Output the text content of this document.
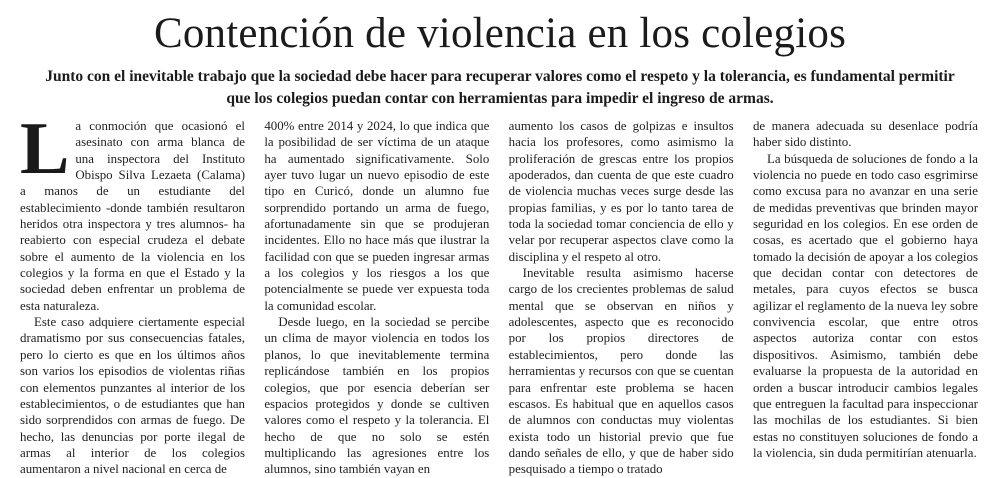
Contención de violencia en los colegios

Junto con el inevitable trabajo que la sociedad debe hacer para recuperar valores como el respeto y la tolerancia, es fundamental permitir que los colegios puedan contar con herramientas para impedir el ingreso de armas.

La conmoción que ocasionó el asesinato con arma blanca de una inspectora del Instituto Obispo Silva Lezaeta (Calama) a manos de un estudiante del establecimiento -donde también resultaron heridos otra inspectora y tres alumnos- ha reabierto con especial crudeza el debate sobre el aumento de la violencia en los colegios y la forma en que el Estado y la sociedad deben enfrentar un problema de esta naturaleza.

Este caso adquiere ciertamente especial dramatismo por sus consecuencias fatales, pero lo cierto es que en los últimos años son varios los episodios de violentas riñas con elementos punzantes al interior de los establecimientos, o de estudiantes que han sido sorprendidos con armas de fuego. De hecho, las denuncias por porte ilegal de armas al interior de los colegios aumentaron a nivel nacional en cerca de

400% entre 2014 y 2024, lo que indica que la posibilidad de ser víctima de un ataque ha aumentado significativamente. Solo ayer tuvo lugar un nuevo episodio de este tipo en Curicó, donde un alumno fue sorprendido portando un arma de fuego, afortunadamente sin que se produjeran incidentes. Ello no hace más que ilustrar la facilidad con que se pueden ingresar armas a los colegios y los riesgos a los que potencialmente se puede ver expuesta toda la comunidad escolar.

Desde luego, en la sociedad se percibe un clima de mayor violencia en todos los planos, lo que inevitablemente termina replicándose también en los propios colegios, que por esencia deberían ser espacios protegidos y donde se cultiven valores como el respeto y la tolerancia. El hecho de que no solo se estén multiplicando las agresiones entre los alumnos, sino también vayan en

aumento los casos de golpizas e insultos hacia los profesores, como asimismo la proliferación de grescas entre los propios apoderados, dan cuenta de que este cuadro de violencia muchas veces surge desde las propias familias, y es por lo tanto tarea de toda la sociedad tomar conciencia de ello y velar por recuperar aspectos clave como la disciplina y el respeto al otro.

Inevitable resulta asimismo hacerse cargo de los crecientes problemas de salud mental que se observan en niños y adolescentes, aspecto que es reconocido por los propios directores de establecimientos, pero donde las herramientas y recursos con que se cuentan para enfrentar este problema se hacen escasos. Es habitual que en aquellos casos de alumnos con conductas muy violentas exista todo un historial previo que fue dando señales de ello, y que de haber sido pesquisado a tiempo o tratado

de manera adecuada su desenlace podría haber sido distinto.

La búsqueda de soluciones de fondo a la violencia no puede en todo caso esgrimirse como excusa para no avanzar en una serie de medidas preventivas que brinden mayor seguridad en los colegios. En ese orden de cosas, es acertado que el gobierno haya tomado la decisión de apoyar a los colegios que decidan contar con detectores de metales, para cuyos efectos se busca agilizar el reglamento de la nueva ley sobre convivencia escolar, que entre otros aspectos autoriza contar con estos dispositivos. Asimismo, también debe evaluarse la propuesta de la autoridad en orden a buscar introducir cambios legales que entreguen la facultad para inspeccionar las mochilas de los estudiantes. Si bien estas no constituyen soluciones de fondo a la violencia, sin duda permitirían atenuarla.
